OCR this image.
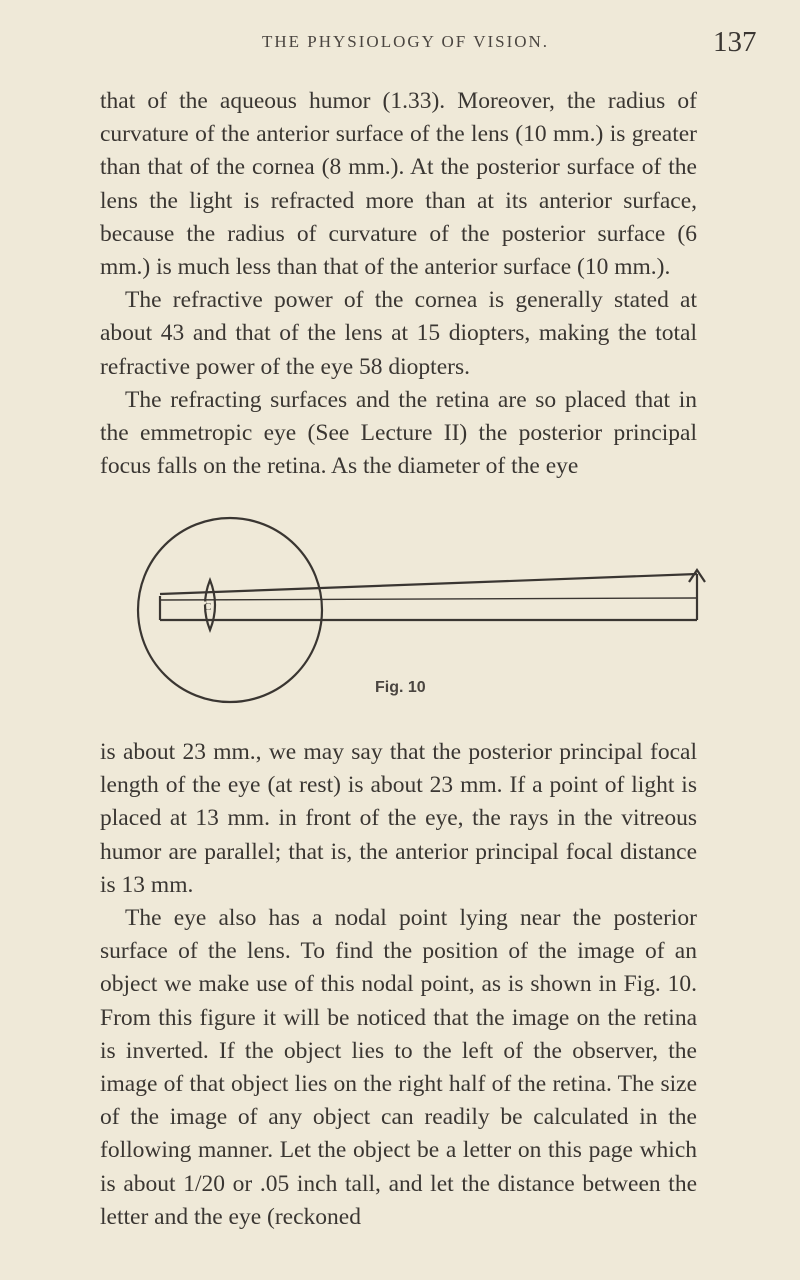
THE PHYSIOLOGY OF VISION.	137

that of the aqueous humor (1.33). Moreover, the radius of curvature of the anterior surface of the lens (10 mm.) is greater than that of the cornea (8 mm.). At the posterior surface of the lens the light is refracted more than at its anterior surface, because the radius of curvature of the posterior surface (6 mm.) is much less than that of the anterior surface (10 mm.).

The refractive power of the cornea is generally stated at about 43 and that of the lens at 15 diopters, making the total refractive power of the eye 58 diopters.

The refracting surfaces and the retina are so placed that in the emmetropic eye (See Lecture II) the posterior principal focus falls on the retina. As the diameter of the eye

C
Fig. 10

is about 23 mm., we may say that the posterior principal focal length of the eye (at rest) is about 23 mm. If a point of light is placed at 13 mm. in front of the eye, the rays in the vitreous humor are parallel; that is, the anterior principal focal distance is 13 mm.

The eye also has a nodal point lying near the posterior surface of the lens. To find the position of the image of an object we make use of this nodal point, as is shown in Fig. 10. From this figure it will be noticed that the image on the retina is inverted. If the object lies to the left of the observer, the image of that object lies on the right half of the retina. The size of the image of any object can readily be calculated in the following manner. Let the object be a letter on this page which is about 1/20 or .05 inch tall, and let the distance between the letter and the eye (reckoned
